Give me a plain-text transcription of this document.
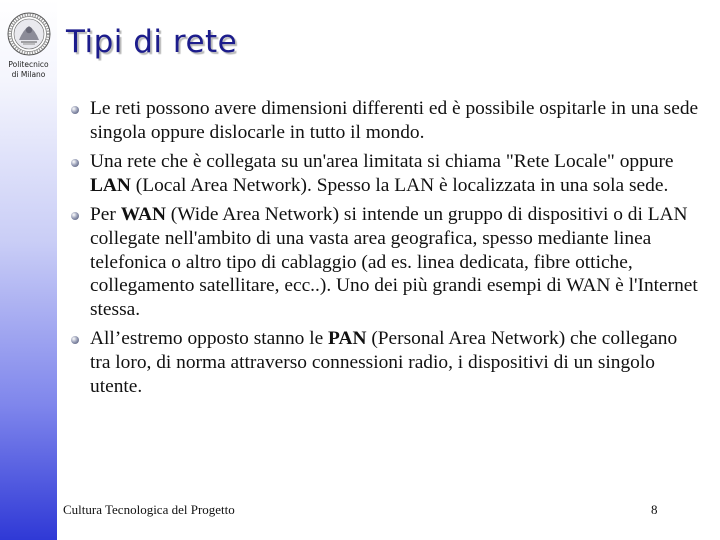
Politecnico
di Milano
Tipi di rete
Le reti possono avere dimensioni differenti ed è possibile ospitarle in una sede singola oppure dislocarle in tutto il mondo.
Una rete che è collegata su un'area limitata si chiama "Rete Locale" oppure LAN (Local Area Network). Spesso la LAN è localizzata in una sola sede.
Per WAN (Wide Area Network) si intende un gruppo di dispositivi o di LAN collegate nell'ambito di una vasta area geografica, spesso mediante linea telefonica o altro tipo di cablaggio (ad es. linea dedicata, fibre ottiche, collegamento satellitare, ecc..). Uno dei più grandi esempi di WAN è l'Internet stessa.
All’estremo opposto stanno le PAN (Personal Area Network) che collegano tra loro, di norma attraverso connessioni radio, i dispositivi di un singolo utente.
Cultura Tecnologica del Progetto	8
